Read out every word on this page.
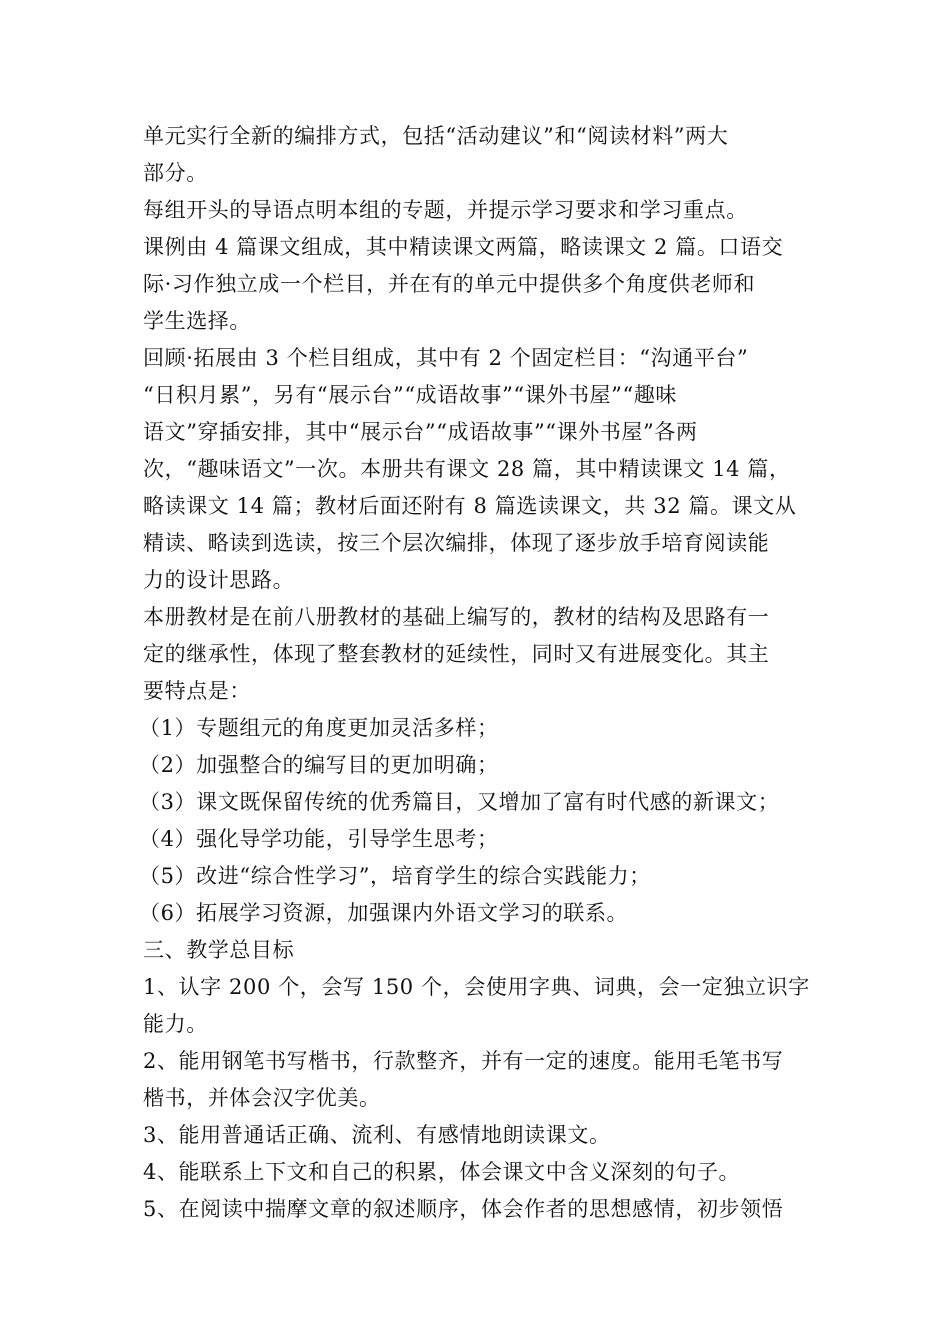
单元实行全新的编排方式，包括“活动建议”和“阅读材料”两大
部分。
每组开头的导语点明本组的专题，并提示学习要求和学习重点。
课例由 4 篇课文组成，其中精读课文两篇，略读课文 2 篇。口语交
际·习作独立成一个栏目，并在有的单元中提供多个角度供老师和
学生选择。
回顾·拓展由 3 个栏目组成，其中有 2 个固定栏目：“沟通平台”
“日积月累”，另有“展示台”“成语故事”“课外书屋”“趣味
语文”穿插安排，其中“展示台”“成语故事”“课外书屋”各两
次，“趣味语文”一次。本册共有课文 28 篇，其中精读课文 14 篇，
略读课文 14 篇；教材后面还附有 8 篇选读课文，共 32 篇。课文从
精读、略读到选读，按三个层次编排，体现了逐步放手培育阅读能
力的设计思路。
本册教材是在前八册教材的基础上编写的，教材的结构及思路有一
定的继承性，体现了整套教材的延续性，同时又有进展变化。其主
要特点是：
（1）专题组元的角度更加灵活多样；
（2）加强整合的编写目的更加明确；
（3）课文既保留传统的优秀篇目，又增加了富有时代感的新课文；
（4）强化导学功能，引导学生思考；
（5）改进“综合性学习”，培育学生的综合实践能力；
（6）拓展学习资源，加强课内外语文学习的联系。
三、教学总目标
1、认字 200 个，会写 150 个，会使用字典、词典，会一定独立识字
能力。
2、能用钢笔书写楷书，行款整齐，并有一定的速度。能用毛笔书写
楷书，并体会汉字优美。
3、能用普通话正确、流利、有感情地朗读课文。
4、能联系上下文和自己的积累，体会课文中含义深刻的句子。
5、在阅读中揣摩文章的叙述顺序，体会作者的思想感情，初步领悟
